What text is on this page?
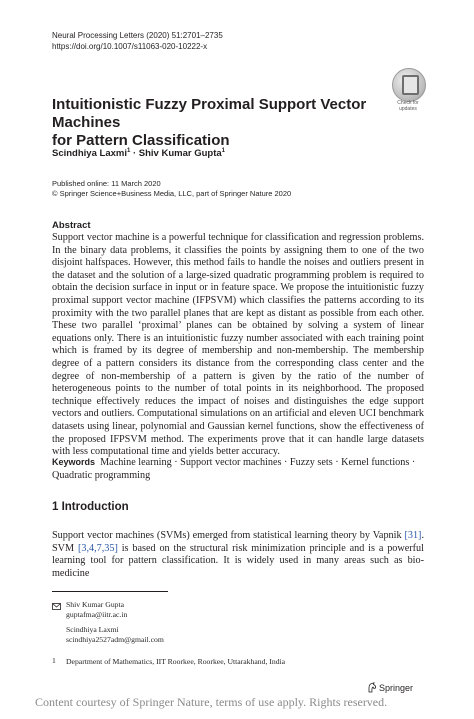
Neural Processing Letters (2020) 51:2701–2735
https://doi.org/10.1007/s11063-020-10222-x
Check for
updates
Intuitionistic Fuzzy Proximal Support Vector Machines
for Pattern Classification
Scindhiya Laxmi$^1$ · Shiv Kumar Gupta$^1$
Published online: 11 March 2020
© Springer Science+Business Media, LLC, part of Springer Nature 2020
Abstract
Support vector machine is a powerful technique for classification and regression problems. In the binary data problems, it classifies the points by assigning them to one of the two disjoint halfspaces. However, this method fails to handle the noises and outliers present in the dataset and the solution of a large-sized quadratic programming problem is required to obtain the decision surface in input or in feature space. We propose the intuitionistic fuzzy proximal support vector machine (IFPSVM) which classifies the patterns according to its proximity with the two parallel planes that are kept as distant as possible from each other. These two parallel ‘proximal’ planes can be obtained by solving a system of linear equations only. There is an intuitionistic fuzzy number associated with each training point which is framed by its degree of membership and non-membership. The membership degree of a pattern considers its distance from the corresponding class center and the degree of non-membership of a pattern is given by the ratio of the number of heterogeneous points to the number of total points in its neighborhood. The proposed technique effectively reduces the impact of noises and distinguishes the edge support vectors and outliers. Computational simulations on an artificial and eleven UCI benchmark datasets using linear, polynomial and Gaussian kernel functions, show the effectiveness of the proposed IFPSVM method. The experiments prove that it can handle large datasets with less computational time and yields better accuracy.
Keywords Machine learning · Support vector machines · Fuzzy sets · Kernel functions · Quadratic programming
1 Introduction
Support vector machines (SVMs) emerged from statistical learning theory by Vapnik [31]. SVM [3,4,7,35] is based on the structural risk minimization principle and is a powerful learning tool for pattern classification. It is widely used in many areas such as bio-medicine
Shiv Kumar Gupta
guptafma@iitr.ac.in
Scindhiya Laxmi
scindhiya2527adm@gmail.com
1 Department of Mathematics, IIT Roorkee, Roorkee, Uttarakhand, India
Springer
Content courtesy of Springer Nature, terms of use apply. Rights reserved.
